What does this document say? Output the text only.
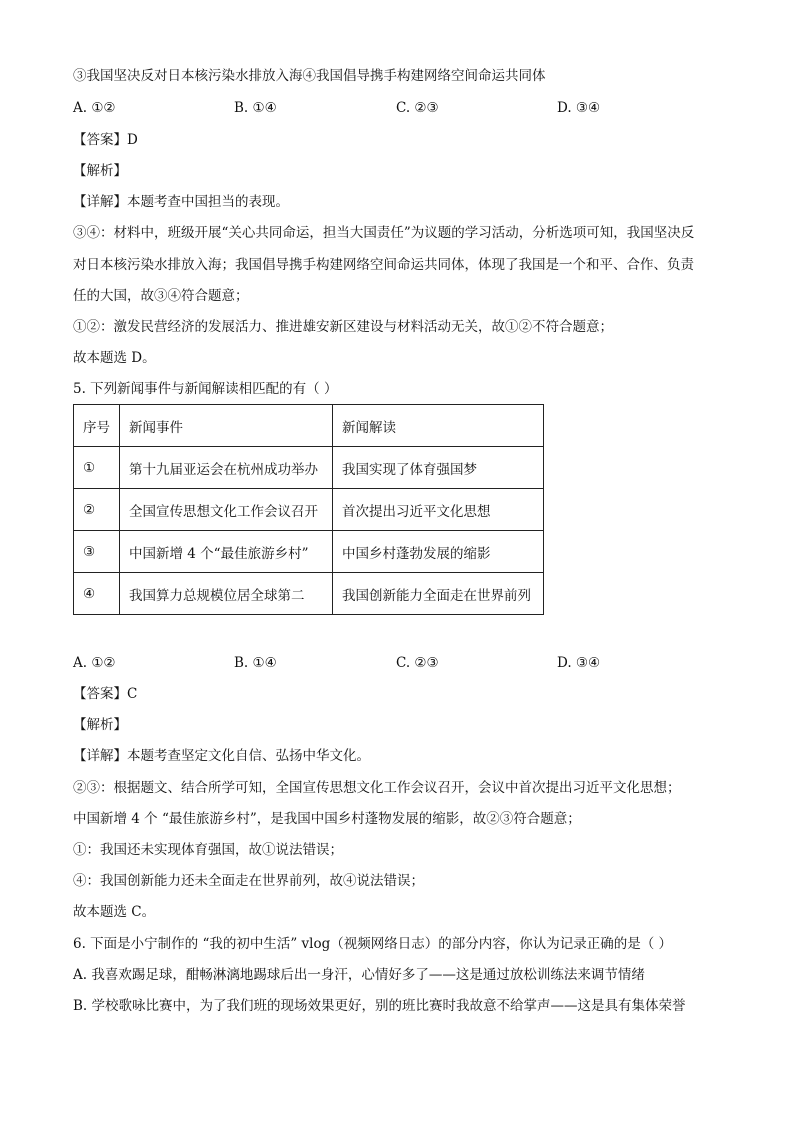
③我国坚决反对日本核污染水排放入海④我国倡导携手构建网络空间命运共同体
A. ①②	B. ①④	C. ②③	D. ③④
【答案】D
【解析】
【详解】本题考查中国担当的表现。
③④：材料中，班级开展“关心共同命运，担当大国责任”为议题的学习活动，分析选项可知，我国坚决反
对日本核污染水排放入海；我国倡导携手构建网络空间命运共同体，体现了我国是一个和平、合作、负责
任的大国，故③④符合题意；
①②：激发民营经济的发展活力、推进雄安新区建设与材料活动无关，故①②不符合题意；
故本题选 D。
5. 下列新闻事件与新闻解读相匹配的有（ ）
序号	新闻事件	新闻解读
①	第十九届亚运会在杭州成功举办	我国实现了体育强国梦
②	全国宣传思想文化工作会议召开	首次提出习近平文化思想
③	中国新增 4 个“最佳旅游乡村”	中国乡村蓬勃发展的缩影
④	我国算力总规模位居全球第二	我国创新能力全面走在世界前列
A. ①②	B. ①④	C. ②③	D. ③④
【答案】C
【解析】
【详解】本题考查坚定文化自信、弘扬中华文化。
②③：根据题文、结合所学可知，全国宣传思想文化工作会议召开，会议中首次提出习近平文化思想；
中国新增 4 个 “最佳旅游乡村”，是我国中国乡村蓬物发展的缩影，故②③符合题意；
①：我国还未实现体育强国，故①说法错误；
④：我国创新能力还未全面走在世界前列，故④说法错误；
故本题选 C。
6. 下面是小宁制作的 “我的初中生活” vlog（视频网络日志）的部分内容，你认为记录正确的是（ ）
A. 我喜欢踢足球，酣畅淋漓地踢球后出一身汗，心情好多了——这是通过放松训练法来调节情绪
B. 学校歌咏比赛中，为了我们班的现场效果更好，别的班比赛时我故意不给掌声——这是具有集体荣誉
